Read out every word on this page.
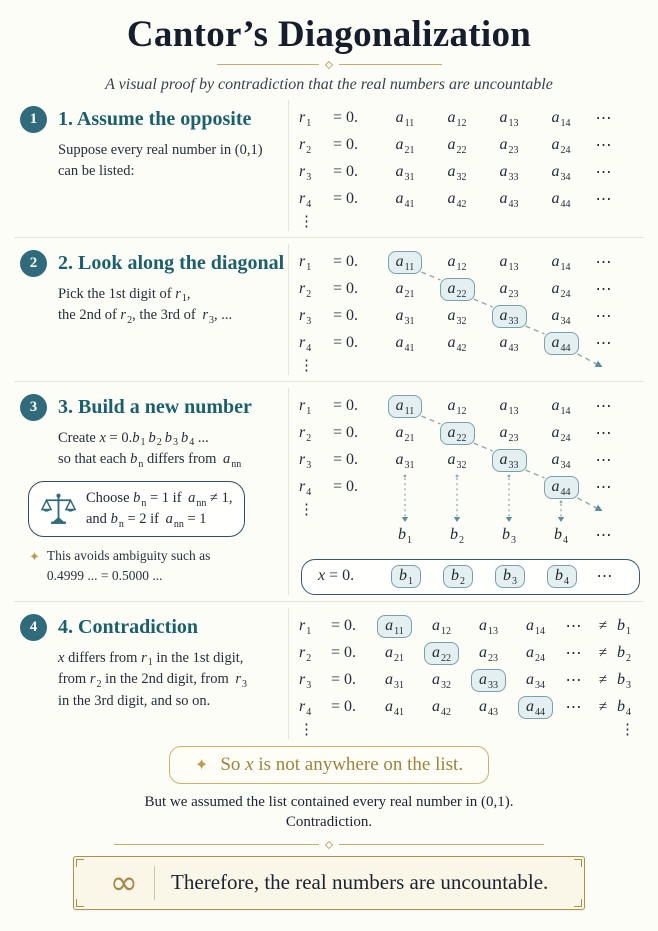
Cantor’s Diagonalization

A visual proof by contradiction that the real numbers are uncountable

1	1. Assume the opposite

Suppose every real number in (0,1)
can be listed:

$r_1$	= 0.	$a_{11}$ $a_{12}$ $a_{13}$ $a_{14}$	⋯
$r_2$	= 0.	$a_{21}$ $a_{22}$ $a_{23}$ $a_{24}$	⋯
$r_3$	= 0.	$a_{31}$ $a_{32}$ $a_{33}$ $a_{34}$	⋯
$r_4$	= 0.	$a_{41}$ $a_{42}$ $a_{43}$ $a_{44}$	⋯
⋮
2	2. Look along the diagonal

Pick the 1st digit of $r_1$,
the 2nd of $r_2$, the 3rd of $r_3$, ...

$r_1$	= 0.	$a_{11}$	$a_{12}$ $a_{13}$ $a_{14}$	⋯
$r_2$	= 0.	$a_{21}$	$a_{22}$	$a_{23}$ $a_{24}$	⋯
$r_3$	= 0.	$a_{31}$ $a_{32}$	$a_{33}$	$a_{34}$	⋯
$r_4$	= 0.	$a_{41}$ $a_{42}$ $a_{43}$	$a_{44}$	⋯
⋮
3	3. Build a new number

Create $x = 0.b_1$ $b_2$ $b_3$ $b_4$ ...
so that each $b_n$ differs from $a_{nn}$

Choose $b_n = 1$ if $a_{nn} \ne 1$,
and $b_n = 2$ if $a_{nn} = 1$

✦ This avoids ambiguity such as
0.4999 ... = 0.5000 ...

$r_1$	= 0.	$a_{11}$	$a_{12}$ $a_{13}$ $a_{14}$	⋯
$r_2$	= 0.	$a_{21}$	$a_{22}$	$a_{23}$ $a_{24}$	⋯
$r_3$	= 0.	$a_{31}$ $a_{32}$	$a_{33}$	$a_{34}$	⋯
$r_4$	= 0.	$a_{44}$	⋯
⋮
$b_1$ $b_2$ $b_3$ $b_4$	⋯
x = 0.	$b_1$	$b_2$	$b_3$	$b_4$	⋯
4	4. Contradiction

x differs from $r_1$ in the 1st digit,
from $r_2$ in the 2nd digit, from $r_3$
in the 3rd digit, and so on.

$r_1$	= 0.	$a_{11}$	$a_{12}$ $a_{13}$ $a_{14}$	⋯	≠ $b_1$
$r_2$	= 0.	$a_{21}$	$a_{22}$	$a_{23}$ $a_{24}$	⋯	≠ $b_2$
$r_3$	= 0.	$a_{31}$ $a_{32}$	$a_{33}$	$a_{34}$	⋯	≠ $b_3$
$r_4$	= 0.	$a_{41}$ $a_{42}$ $a_{43}$	$a_{44}$	⋯	≠ $b_4$
⋮	⋮
✦ So x is not anywhere on the list.

But we assumed the list contained every real number in (0,1).

Contradiction.

∞ Therefore, the real numbers are uncountable.
